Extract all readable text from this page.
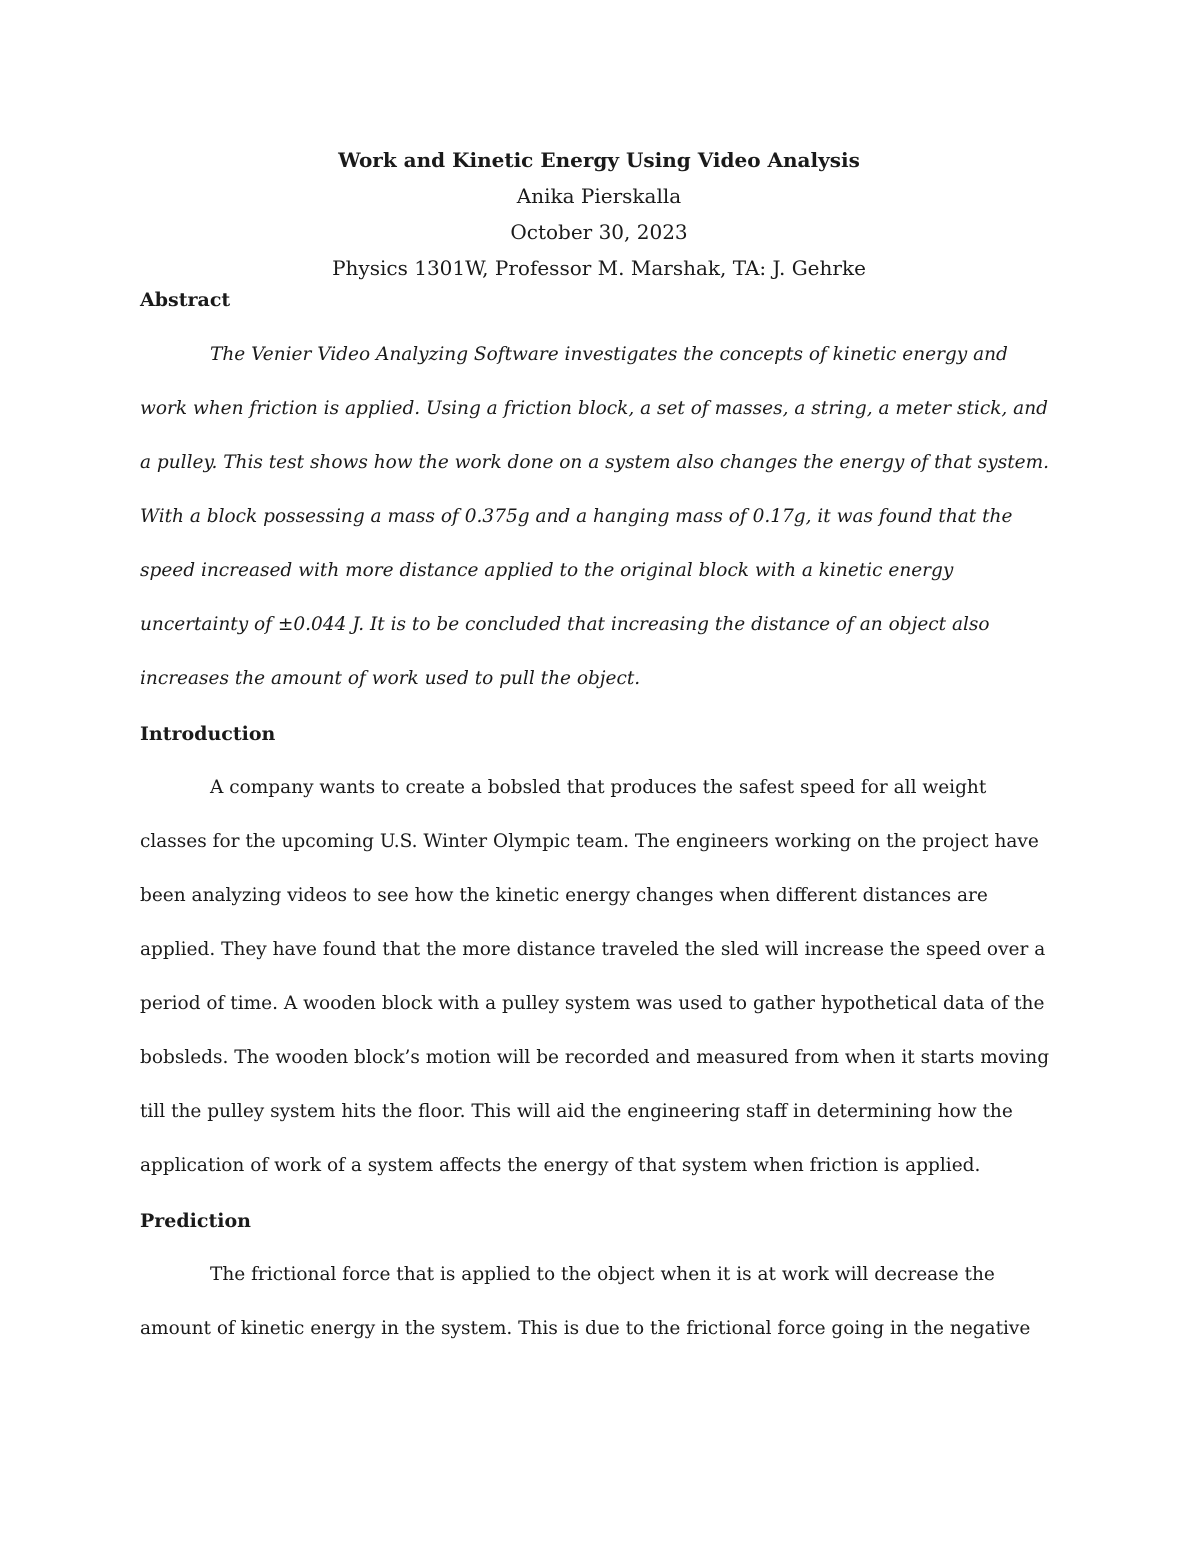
Work and Kinetic Energy Using Video Analysis

Anika Pierskalla

October 30, 2023

Physics 1301W, Professor M. Marshak, TA: J. Gehrke

Abstract

The Venier Video Analyzing Software investigates the concepts of kinetic energy and work when friction is applied. Using a friction block, a set of masses, a string, a meter stick, and a pulley. This test shows how the work done on a system also changes the energy of that system. With a block possessing a mass of 0.375g and a hanging mass of 0.17g, it was found that the speed increased with more distance applied to the original block with a kinetic energy uncertainty of ±0.044 J. It is to be concluded that increasing the distance of an object also increases the amount of work used to pull the object.

Introduction

A company wants to create a bobsled that produces the safest speed for all weight classes for the upcoming U.S. Winter Olympic team. The engineers working on the project have been analyzing videos to see how the kinetic energy changes when different distances are applied. They have found that the more distance traveled the sled will increase the speed over a period of time. A wooden block with a pulley system was used to gather hypothetical data of the bobsleds. The wooden block’s motion will be recorded and measured from when it starts moving till the pulley system hits the floor. This will aid the engineering staff in determining how the application of work of a system affects the energy of that system when friction is applied.

Prediction

The frictional force that is applied to the object when it is at work will decrease the amount of kinetic energy in the system. This is due to the frictional force going in the negative
